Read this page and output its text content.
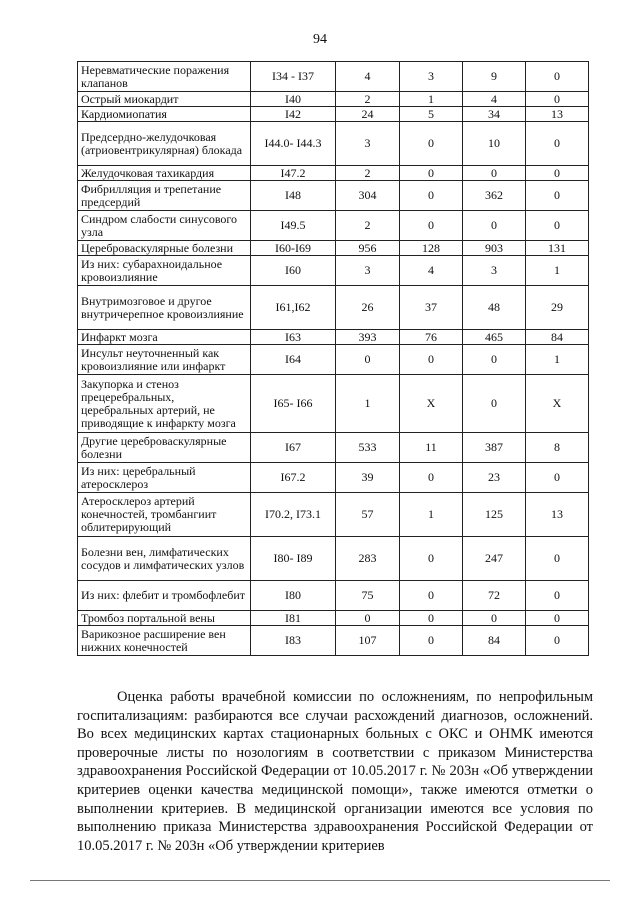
94
Неревматические поражения клапанов	I34 - I37	4	3	9	0
Острый миокардит	I40	2	1	4	0
Кардиомиопатия	I42	24	5	34	13
Предсердно-желудочковая (атриовентрикулярная) блокада	I44.0- I44.3	3	0	10	0
Желудочковая тахикардия	I47.2	2	0	0	0
Фибрилляция и трепетание предсердий	I48	304	0	362	0
Синдром слабости синусового узла	I49.5	2	0	0	0
Цереброваскулярные болезни	I60-I69	956	128	903	131
Из них: субарахноидальное кровоизлияние	I60	3	4	3	1
Внутримозговое и другое внутричерепное кровоизлияние	I61,I62	26	37	48	29
Инфаркт мозга	I63	393	76	465	84
Инсульт неуточненный как кровоизлияние или инфаркт	I64	0	0	0	1
Закупорка и стеноз прецеребральных, церебральных артерий, не приводящие к инфаркту мозга	I65- I66	1	X	0	X
Другие цереброваскулярные болезни	I67	533	11	387	8
Из них: церебральный атеросклероз	I67.2	39	0	23	0
Атеросклероз артерий конечностей, тромбангиит облитерирующий	I70.2, I73.1	57	1	125	13
Болезни вен, лимфатических сосудов и лимфатических узлов	I80- I89	283	0	247	0
Из них: флебит и тромбофлебит	I80	75	0	72	0
Тромбоз портальной вены	I81	0	0	0	0
Варикозное расширение вен нижних конечностей	I83	107	0	84	0

Оценка работы врачебной комиссии по осложнениям, по непрофильным госпитализациям: разбираются все случаи расхождений диагнозов, осложнений. Во всех медицинских картах стационарных больных с ОКС и ОНМК имеются проверочные листы по нозологиям в соответствии с приказом Министерства здравоохранения Российской Федерации от 10.05.2017 г. № 203н «Об утверждении критериев оценки качества медицинской помощи», также имеются отметки о выполнении критериев. В медицинской организации имеются все условия по выполнению приказа Министерства здравоохранения Российской Федерации от 10.05.2017 г. № 203н «Об утверждении критериев
